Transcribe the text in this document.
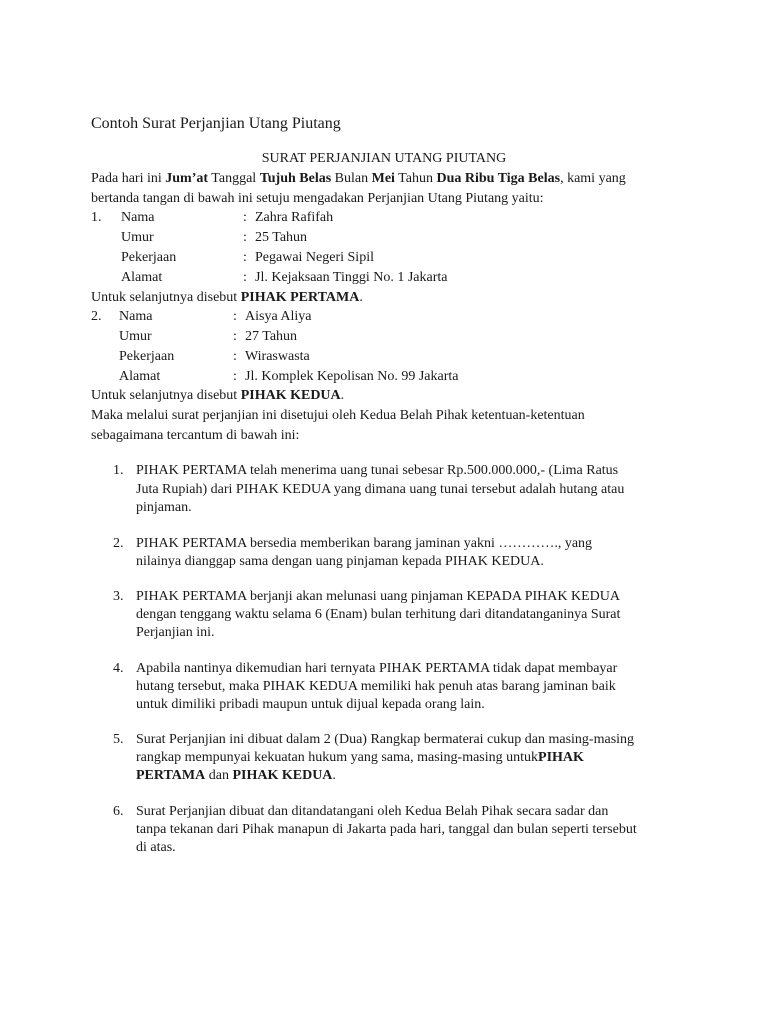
Contoh Surat Perjanjian Utang Piutang
SURAT PERJANJIAN UTANG PIUTANG
Pada hari ini Jum’at Tanggal Tujuh Belas Bulan Mei Tahun Dua Ribu Tiga Belas, kami yang
bertanda tangan di bawah ini setuju mengadakan Perjanjian Utang Piutang yaitu:
1. Nama	: Zahra Rafifah
Umur	: 25 Tahun
Pekerjaan	: Pegawai Negeri Sipil
Alamat	: Jl. Kejaksaan Tinggi No. 1 Jakarta
Untuk selanjutnya disebut PIHAK PERTAMA.
2. Nama	: Aisya Aliya
Umur	: 27 Tahun
Pekerjaan	: Wiraswasta
Alamat	: Jl. Komplek Kepolisan No. 99 Jakarta
Untuk selanjutnya disebut PIHAK KEDUA.
Maka melalui surat perjanjian ini disetujui oleh Kedua Belah Pihak ketentuan-ketentuan
sebagaimana tercantum di bawah ini:
1. PIHAK PERTAMA telah menerima uang tunai sebesar Rp.500.000.000,- (Lima Ratus
Juta Rupiah) dari PIHAK KEDUA yang dimana uang tunai tersebut adalah hutang atau
pinjaman.
2. PIHAK PERTAMA bersedia memberikan barang jaminan yakni …………., yang
nilainya dianggap sama dengan uang pinjaman kepada PIHAK KEDUA.
3. PIHAK PERTAMA berjanji akan melunasi uang pinjaman KEPADA PIHAK KEDUA
dengan tenggang waktu selama 6 (Enam) bulan terhitung dari ditandatanganinya Surat
Perjanjian ini.
4. Apabila nantinya dikemudian hari ternyata PIHAK PERTAMA tidak dapat membayar
hutang tersebut, maka PIHAK KEDUA memiliki hak penuh atas barang jaminan baik
untuk dimiliki pribadi maupun untuk dijual kepada orang lain.
5. Surat Perjanjian ini dibuat dalam 2 (Dua) Rangkap bermaterai cukup dan masing-masing
rangkap mempunyai kekuatan hukum yang sama, masing-masing untukPIHAK
PERTAMA dan PIHAK KEDUA.
6. Surat Perjanjian dibuat dan ditandatangani oleh Kedua Belah Pihak secara sadar dan
tanpa tekanan dari Pihak manapun di Jakarta pada hari, tanggal dan bulan seperti tersebut
di atas.
